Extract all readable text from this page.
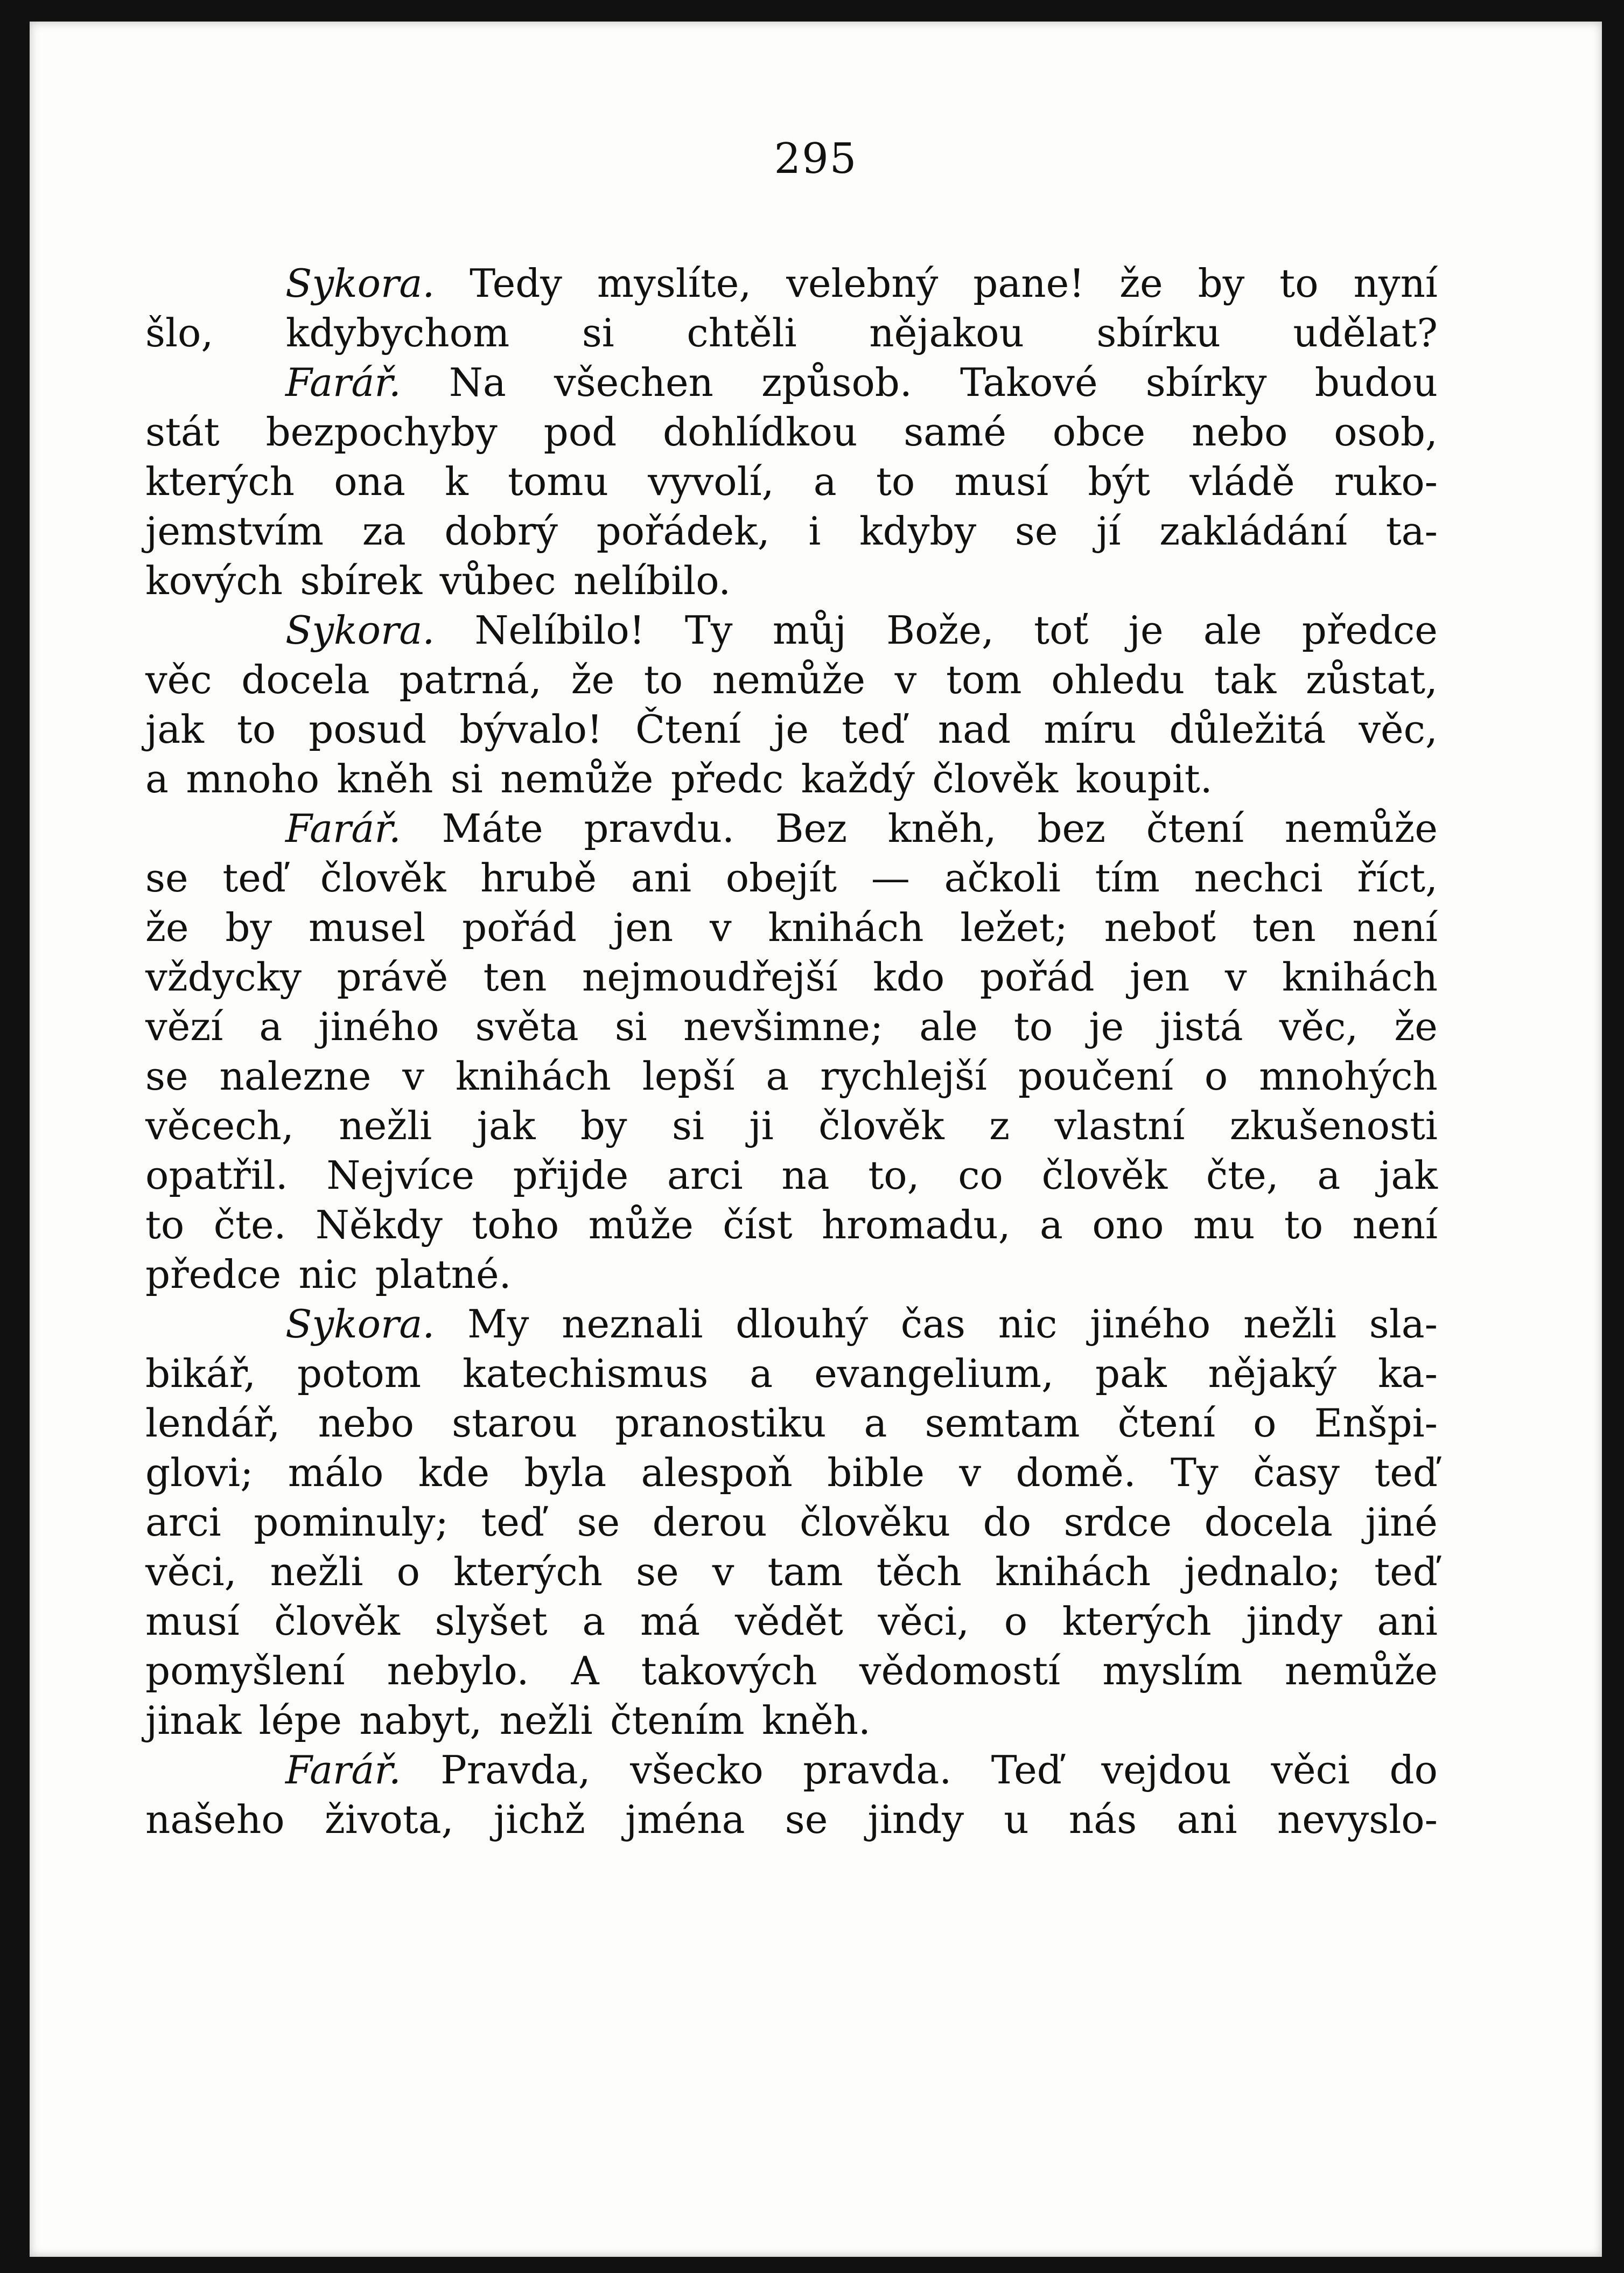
295
Sykora. Tedy myslíte, velebný pane! že by to nyní
šlo, kdybychom si chtěli nějakou sbírku udělat?
Farář. Na všechen způsob. Takové sbírky budou
stát bezpochyby pod dohlídkou samé obce nebo osob,
kterých ona k tomu vyvolí, a to musí být vládě ruko-
jemstvím za dobrý pořádek, i kdyby se jí zakládání ta-
kových sbírek vůbec nelíbilo.
Sykora. Nelíbilo! Ty můj Bože, toť je ale předce
věc docela patrná, že to nemůže v tom ohledu tak zůstat,
jak to posud bývalo! Čtení je teď nad míru důležitá věc,
a mnoho kněh si nemůže předc každý člověk koupit.
Farář. Máte pravdu. Bez kněh, bez čtení nemůže
se teď člověk hrubě ani obejít — ačkoli tím nechci říct,
že by musel pořád jen v knihách ležet; neboť ten není
vždycky právě ten nejmoudřejší kdo pořád jen v knihách
vězí a jiného světa si nevšimne; ale to je jistá věc, že
se nalezne v knihách lepší a rychlejší poučení o mnohých
věcech, nežli jak by si ji člověk z vlastní zkušenosti
opatřil. Nejvíce přijde arci na to, co člověk čte, a jak
to čte. Někdy toho může číst hromadu, a ono mu to není
předce nic platné.
Sykora. My neznali dlouhý čas nic jiného nežli sla-
bikář, potom katechismus a evangelium, pak nějaký ka-
lendář, nebo starou pranostiku a semtam čtení o Enšpi-
glovi; málo kde byla alespoň bible v domě. Ty časy teď
arci pominuly; teď se derou člověku do srdce docela jiné
věci, nežli o kterých se v tam těch knihách jednalo; teď
musí člověk slyšet a má vědět věci, o kterých jindy ani
pomyšlení nebylo. A takových vědomostí myslím nemůže
jinak lépe nabyt, nežli čtením kněh.
Farář. Pravda, všecko pravda. Teď vejdou věci do
našeho života, jichž jména se jindy u nás ani nevyslo-
